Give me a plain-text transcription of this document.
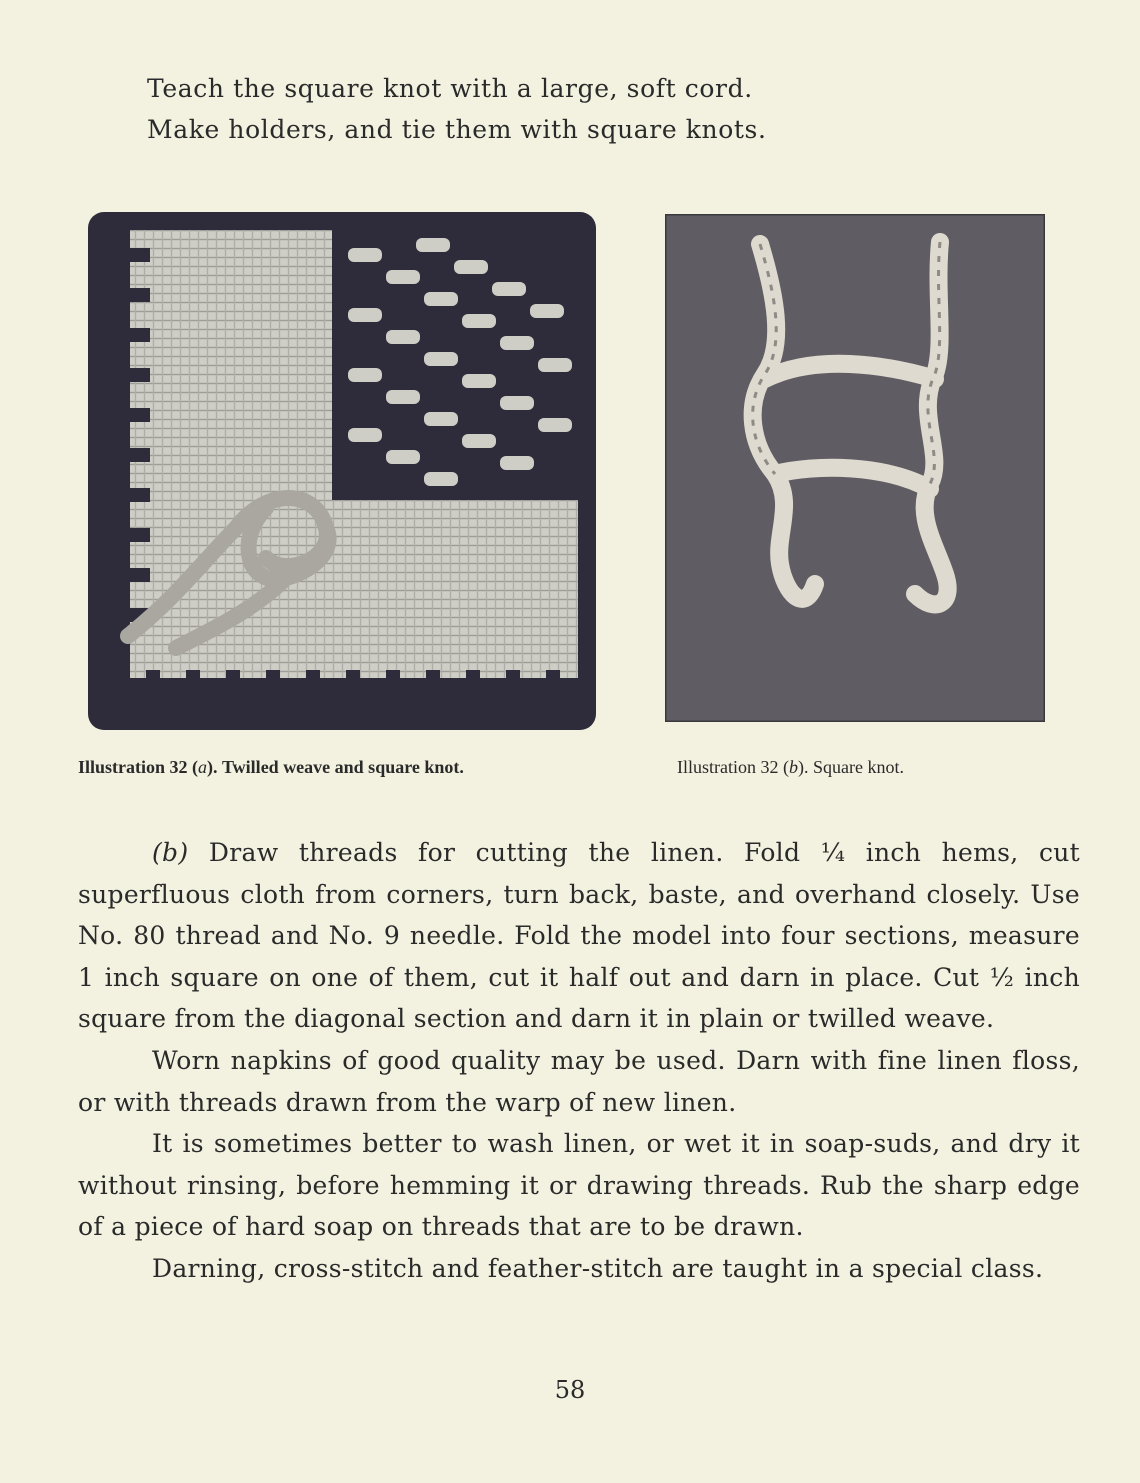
Teach the square knot with a large, soft cord.
Make holders, and tie them with square knots.
Illustration 32 (a). Twilled weave and square knot.	Illustration 32 (b). Square knot.

(b) Draw threads for cutting the linen. Fold ¼ inch hems, cut superfluous cloth from corners, turn back, baste, and overhand closely. Use No. 80 thread and No. 9 needle. Fold the model into four sections, measure 1 inch square on one of them, cut it half out and darn in place. Cut ½ inch square from the diagonal section and darn it in plain or twilled weave.

Worn napkins of good quality may be used. Darn with fine linen floss, or with threads drawn from the warp of new linen.

It is sometimes better to wash linen, or wet it in soap-suds, and dry it without rinsing, before hemming it or drawing threads. Rub the sharp edge of a piece of hard soap on threads that are to be drawn.

Darning, cross-stitch and feather-stitch are taught in a special class.

58
